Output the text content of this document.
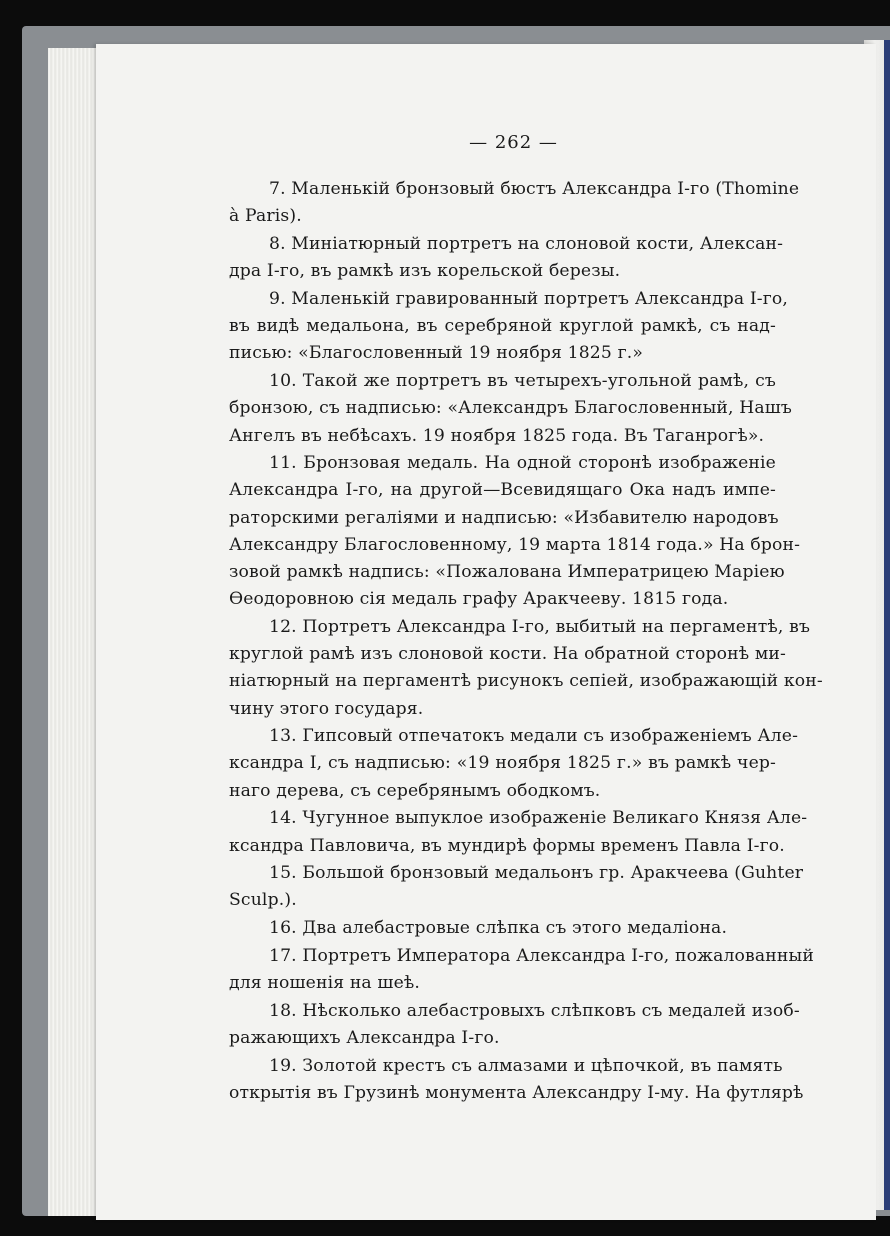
— 262 —
7. Маленькій бронзовый бюстъ Александра I-го (Thomine
à Paris).
8. Миніатюрный портретъ на слоновой кости, Алексан-
дра I-го, въ рамкѣ изъ корельской березы.
9. Маленькій гравированный портретъ Александра I-го,
въ видѣ медальона, въ серебряной круглой рамкѣ, съ над-
писью: «Благословенный 19 ноября 1825 г.»
10. Такой же портретъ въ четырехъ-угольной рамѣ, съ
бронзою, съ надписью: «Александръ Благословенный, Нашъ
Ангелъ въ небѣсахъ. 19 ноября 1825 года. Въ Таганрогѣ».
11. Бронзовая медаль. На одной сторонѣ изображеніе
Александра I-го, на другой—Всевидящаго Ока надъ импе-
раторскими регаліями и надписью: «Избавителю народовъ
Александру Благословенному, 19 марта 1814 года.» На брон-
зовой рамкѣ надпись: «Пожалована Императрицею Маріею
Ѳеодоровною сія медаль графу Аракчееву. 1815 года.
12. Портретъ Александра I-го, выбитый на пергаментѣ, въ
круглой рамѣ изъ слоновой кости. На обратной сторонѣ ми-
ніатюрный на пергаментѣ рисунокъ сепіей, изображающій кон-
чину этого государя.
13. Гипсовый отпечатокъ медали съ изображеніемъ Але-
ксандра I, съ надписью: «19 ноября 1825 г.» въ рамкѣ чер-
наго дерева, съ серебрянымъ ободкомъ.
14. Чугунное выпуклое изображеніе Великаго Князя Але-
ксандра Павловича, въ мундирѣ формы временъ Павла I-го.
15. Большой бронзовый медальонъ гр. Аракчеева (Guhter
Sculp.).
16. Два алебастровые слѣпка съ этого медаліона.
17. Портретъ Императора Александра I-го, пожалованный
для ношенія на шеѣ.
18. Нѣсколько алебастровыхъ слѣпковъ съ медалей изоб-
ражающихъ Александра I-го.
19. Золотой крестъ съ алмазами и цѣпочкой, въ память
открытія въ Грузинѣ монумента Александру I-му. На футлярѣ
